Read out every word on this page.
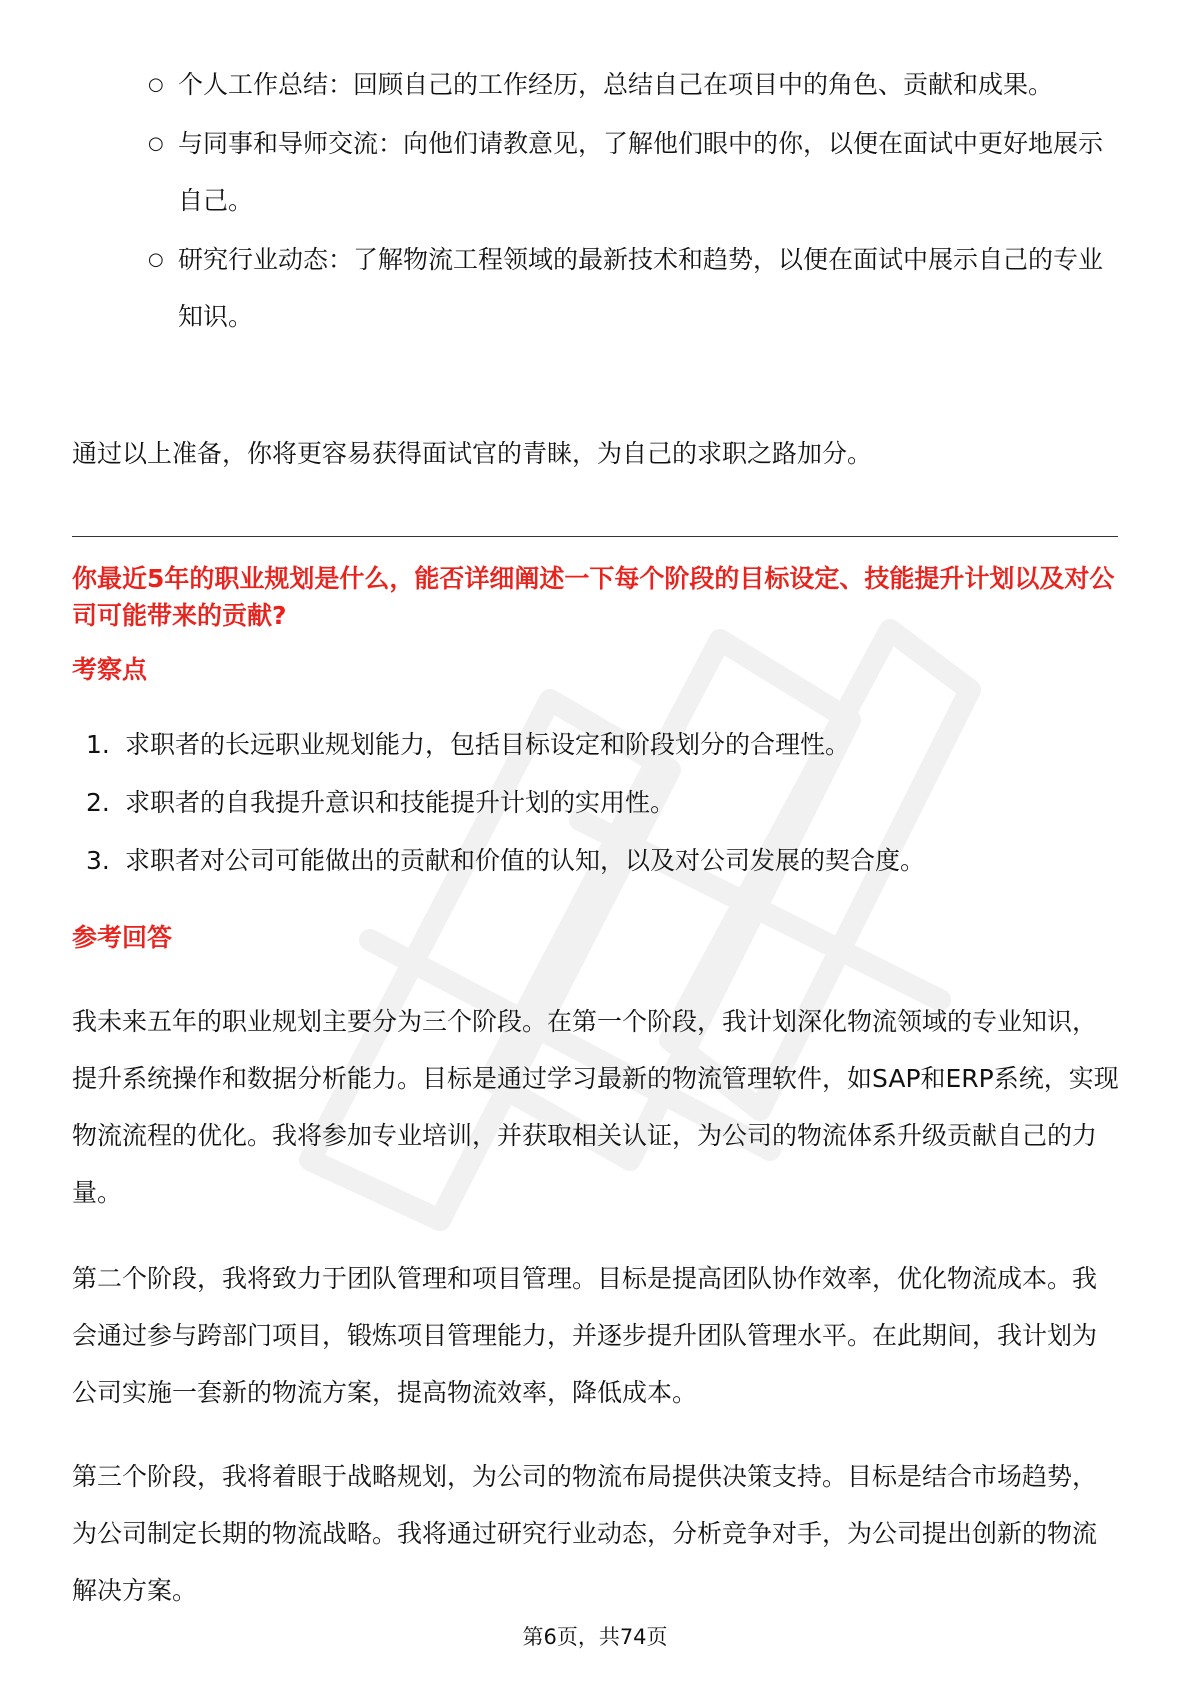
○ 个人工作总结：回顾自己的工作经历，总结自己在项目中的角色、贡献和成果。
○ 与同事和导师交流：向他们请教意见，了解他们眼中的你，以便在面试中更好地展示自己。
○ 研究行业动态：了解物流工程领域的最新技术和趋势，以便在面试中展示自己的专业知识。

通过以上准备，你将更容易获得面试官的青睐，为自己的求职之路加分。

你最近5年的职业规划是什么，能否详细阐述一下每个阶段的目标设定、技能提升计划以及对公司可能带来的贡献?

考察点

1. 求职者的长远职业规划能力，包括目标设定和阶段划分的合理性。
2. 求职者的自我提升意识和技能提升计划的实用性。
3. 求职者对公司可能做出的贡献和价值的认知，以及对公司发展的契合度。

参考回答

我未来五年的职业规划主要分为三个阶段。在第一个阶段，我计划深化物流领域的专业知识，提升系统操作和数据分析能力。目标是通过学习最新的物流管理软件，如SAP和ERP系统，实现物流流程的优化。我将参加专业培训，并获取相关认证，为公司的物流体系升级贡献自己的力量。

第二个阶段，我将致力于团队管理和项目管理。目标是提高团队协作效率，优化物流成本。我会通过参与跨部门项目，锻炼项目管理能力，并逐步提升团队管理水平。在此期间，我计划为公司实施一套新的物流方案，提高物流效率，降低成本。

第三个阶段，我将着眼于战略规划，为公司的物流布局提供决策支持。目标是结合市场趋势，为公司制定长期的物流战略。我将通过研究行业动态，分析竞争对手，为公司提出创新的物流解决方案。

第6页，共74页
